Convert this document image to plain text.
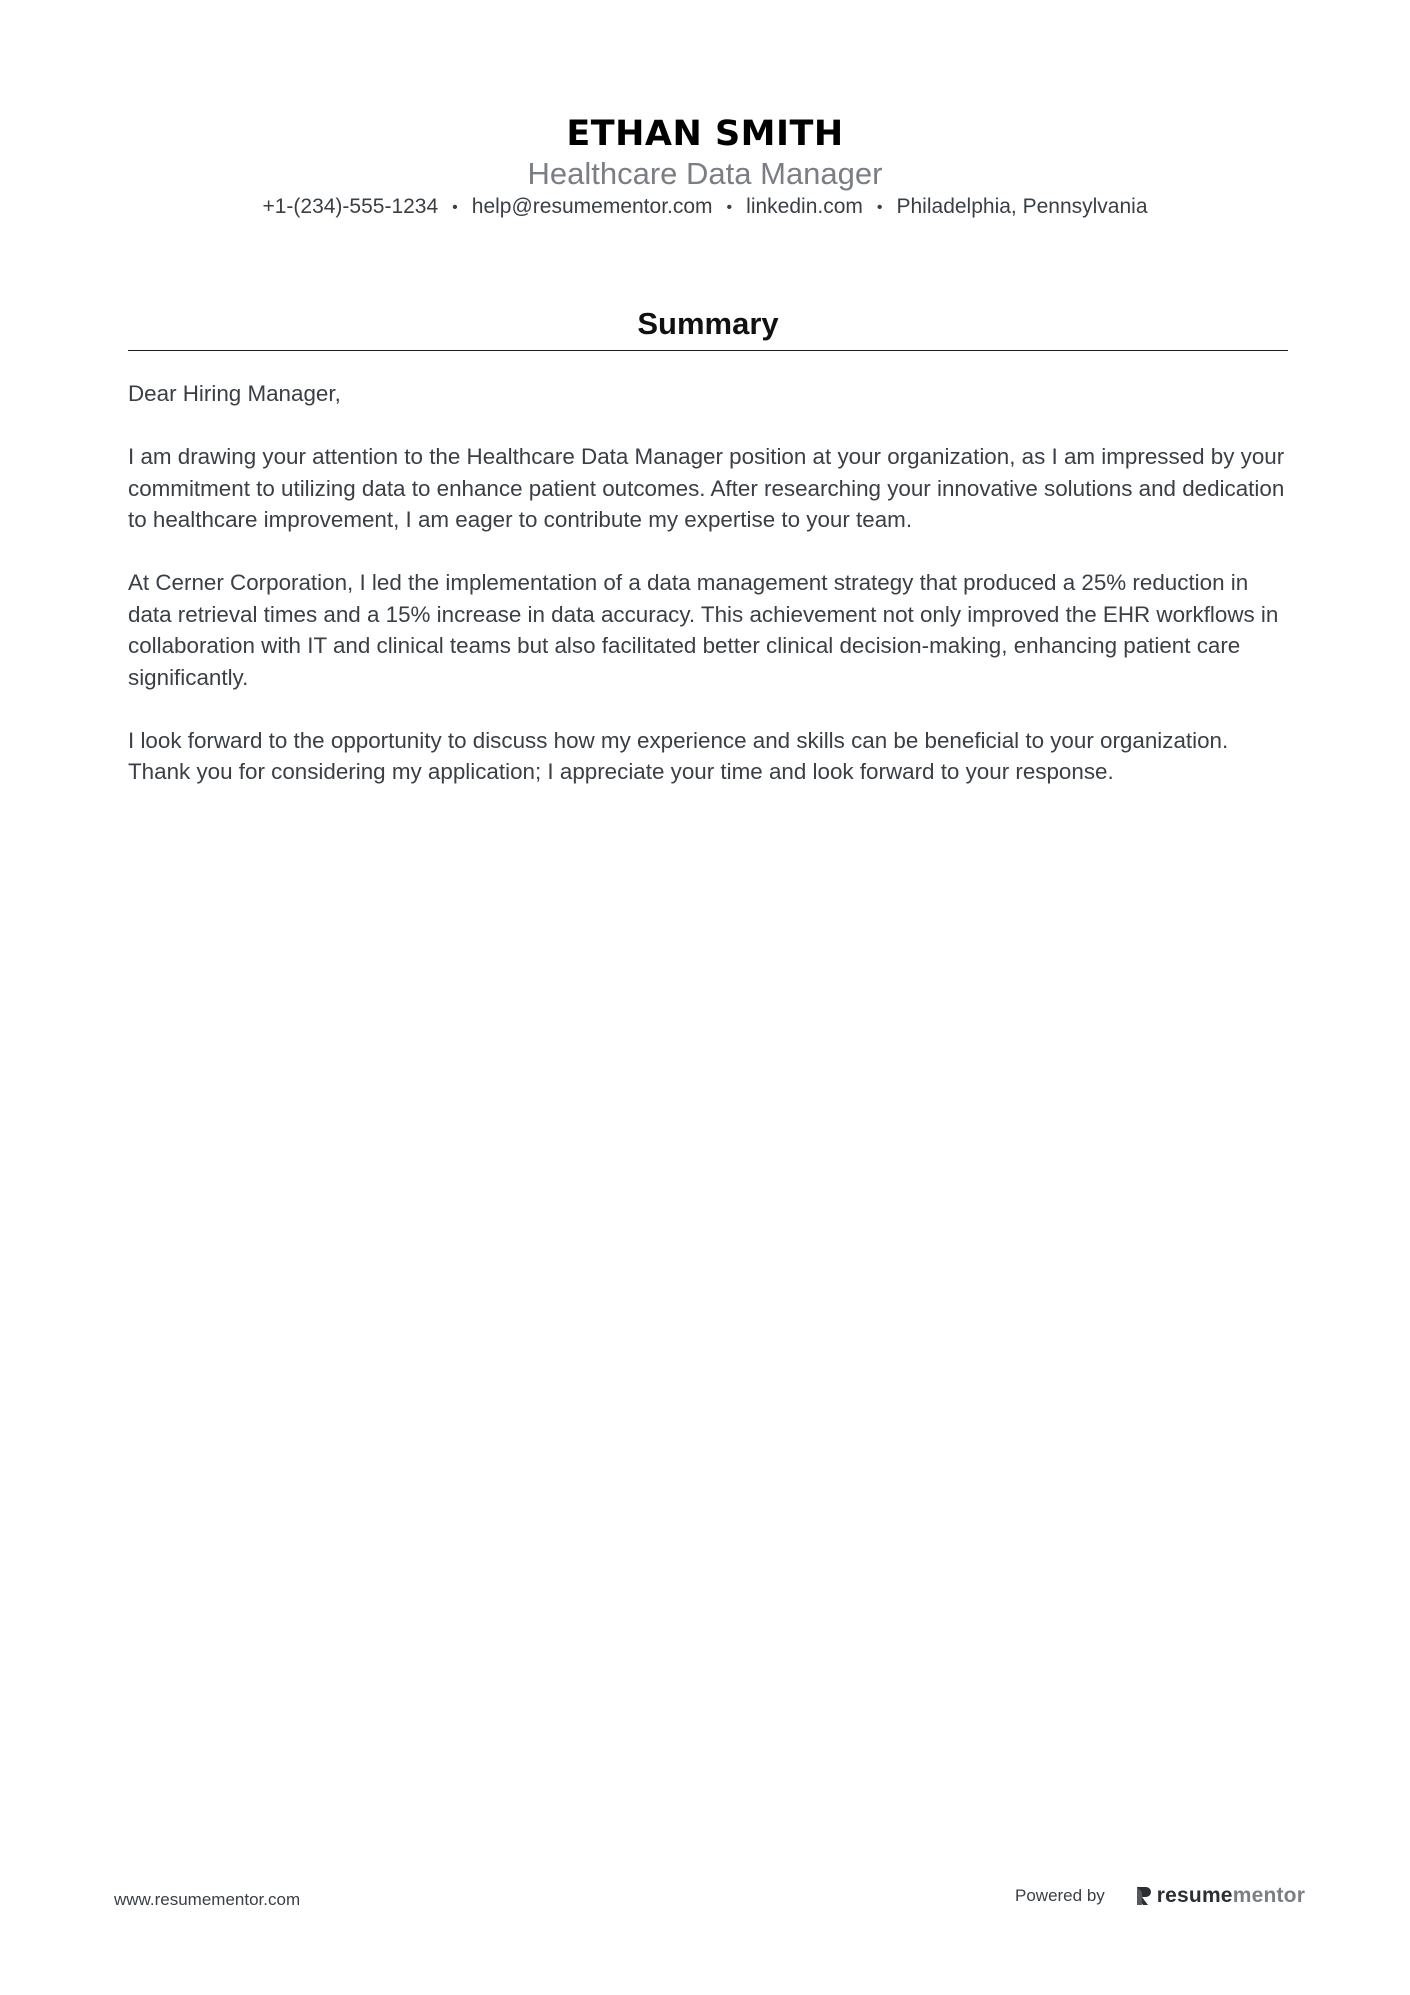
ETHAN SMITH
Healthcare Data Manager
+1-(234)-555-1234 • help@resumementor.com • linkedin.com • Philadelphia, Pennsylvania
Summary

Dear Hiring Manager,

I am drawing your attention to the Healthcare Data Manager position at your organization, as I am impressed by your commitment to utilizing data to enhance patient outcomes. After researching your innovative solutions and dedication to healthcare improvement, I am eager to contribute my expertise to your team.

At Cerner Corporation, I led the implementation of a data management strategy that produced a 25% reduction in data retrieval times and a 15% increase in data accuracy. This achievement not only improved the EHR workflows in collaboration with IT and clinical teams but also facilitated better clinical decision-making, enhancing patient care significantly.

I look forward to the opportunity to discuss how my experience and skills can be beneficial to your organization. Thank you for considering my application; I appreciate your time and look forward to your response.

www.resumementor.com	Powered by resumementor
